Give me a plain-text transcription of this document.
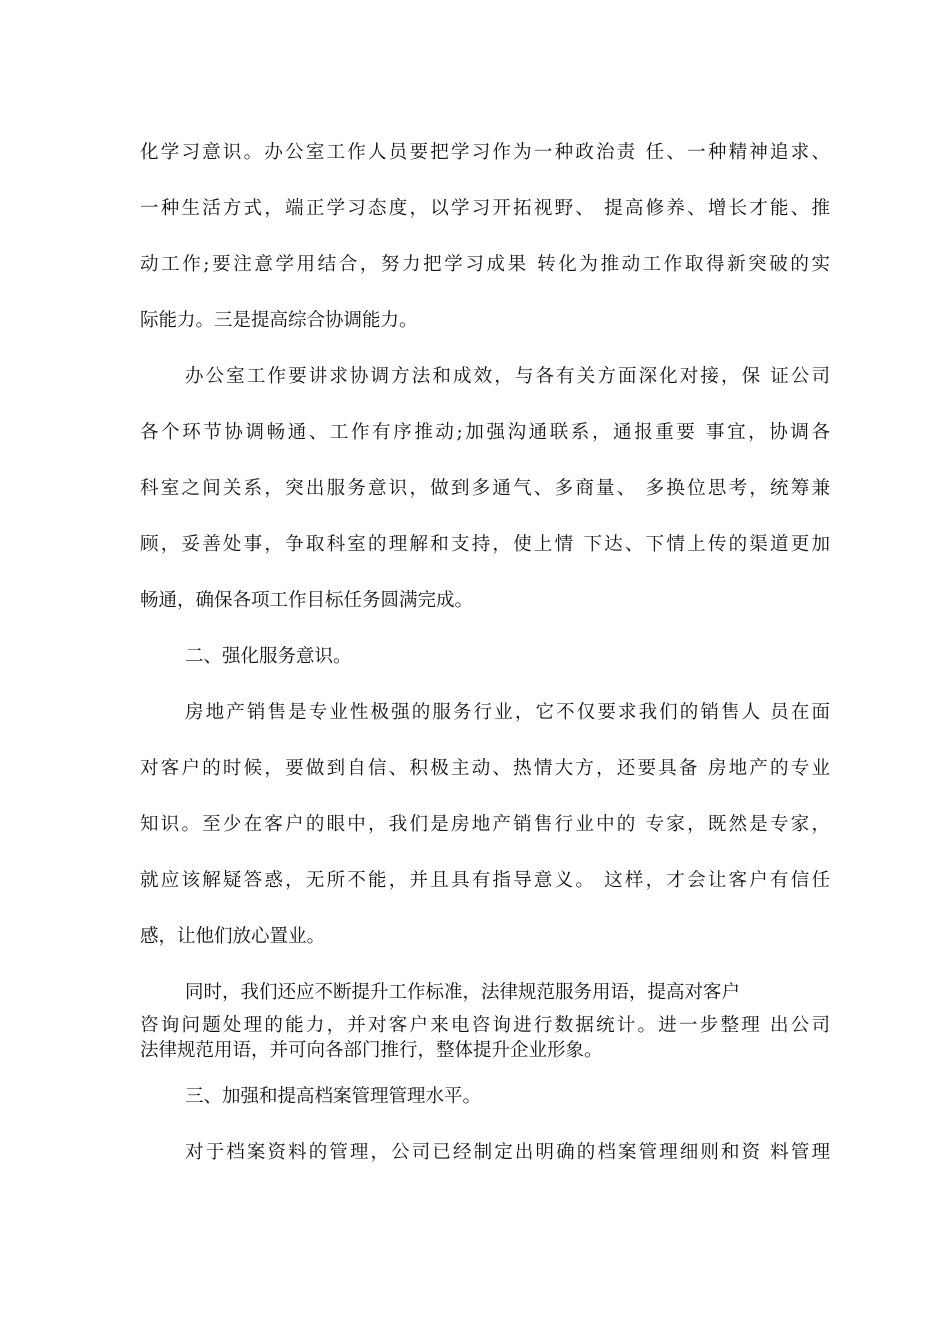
化学习意识。办公室工作人员要把学习作为一种政治责 任、一种精神追求、
一种生活方式，端正学习态度，以学习开拓视野、 提高修养、增长才能、推
动工作;要注意学用结合，努力把学习成果 转化为推动工作取得新突破的实
际能力。三是提高综合协调能力。
办公室工作要讲求协调方法和成效，与各有关方面深化对接，保 证公司
各个环节协调畅通、工作有序推动;加强沟通联系，通报重要 事宜，协调各
科室之间关系，突出服务意识，做到多通气、多商量、 多换位思考，统筹兼
顾，妥善处事，争取科室的理解和支持，使上情 下达、下情上传的渠道更加
畅通，确保各项工作目标任务圆满完成。
二、强化服务意识。
房地产销售是专业性极强的服务行业，它不仅要求我们的销售人 员在面
对客户的时候，要做到自信、积极主动、热情大方，还要具备 房地产的专业
知识。至少在客户的眼中，我们是房地产销售行业中的 专家，既然是专家，
就应该解疑答惑，无所不能，并且具有指导意义。 这样，才会让客户有信任
感，让他们放心置业。
同时，我们还应不断提升工作标准，法律规范服务用语，提高对客户
咨询问题处理的能力，并对客户来电咨询进行数据统计。进一步整理 出公司
法律规范用语，并可向各部门推行，整体提升企业形象。
三、加强和提高档案管理管理水平。
对于档案资料的管理，公司已经制定出明确的档案管理细则和资 料管理
